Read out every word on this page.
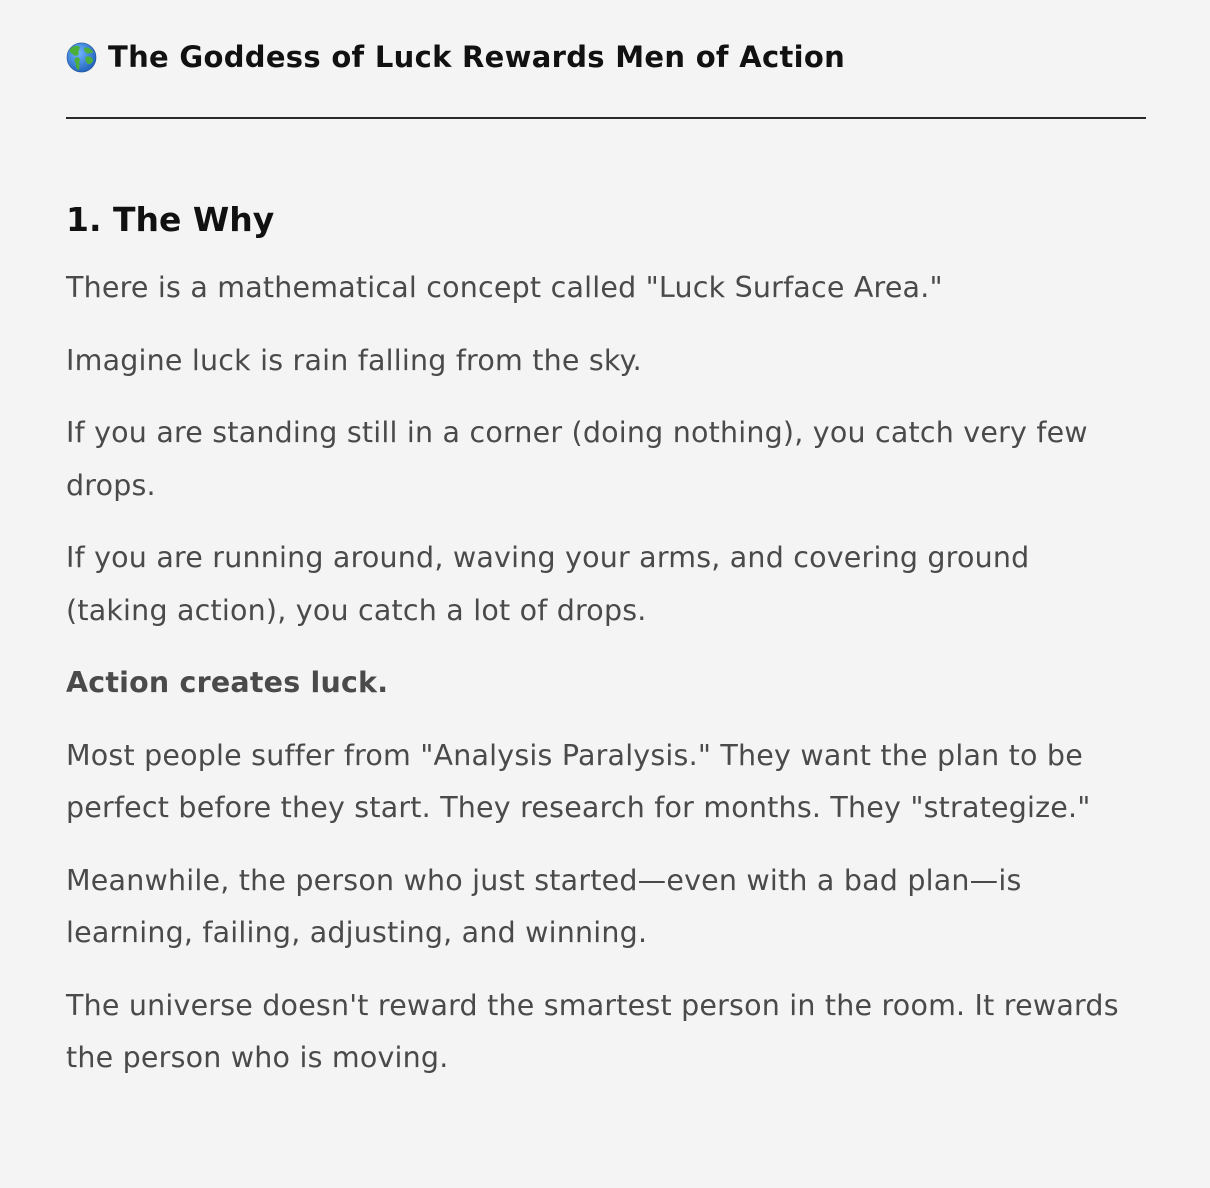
The Goddess of Luck Rewards Men of Action
1. The Why

There is a mathematical concept called "Luck Surface Area."

Imagine luck is rain falling from the sky.

If you are standing still in a corner (doing nothing), you catch very few drops.

If you are running around, waving your arms, and covering ground (taking action), you catch a lot of drops.

Action creates luck.

Most people suffer from "Analysis Paralysis." They want the plan to be perfect before they start. They research for months. They "strategize."

Meanwhile, the person who just started—even with a bad plan—is learning, failing, adjusting, and winning.

The universe doesn't reward the smartest person in the room. It rewards the person who is moving.
